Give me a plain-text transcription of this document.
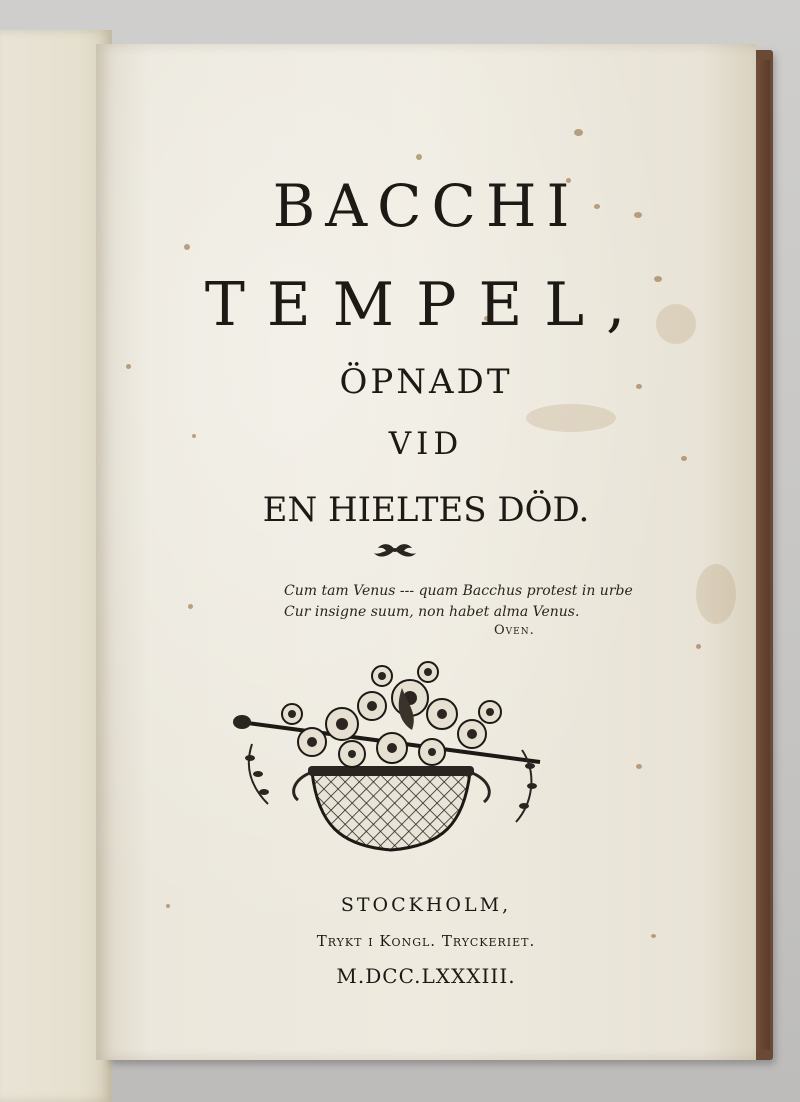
BACCHI
TEMPEL,
ÖPNADT
VID
EN HIELTES DÖD.
Cum tam Venus --- quam Bacchus protest in urbe
Cur insigne suum, non habet alma Venus.
Oven.
STOCKHOLM,
Trykt i Kongl. Tryckeriet.
M.DCC.LXXXIII.
